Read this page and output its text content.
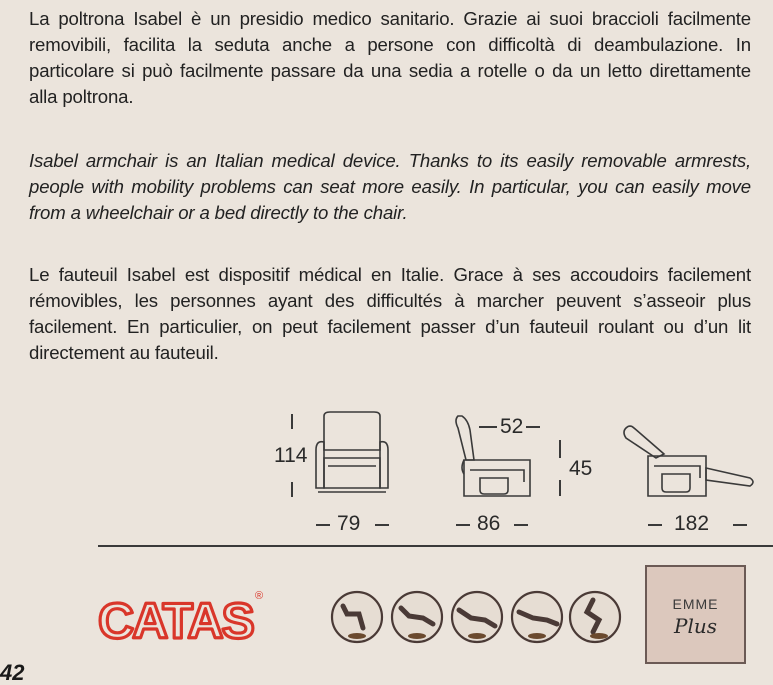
La poltrona Isabel è un presidio medico sanitario. Grazie ai suoi braccioli facilmente removibili, facilita la seduta anche a persone con difficoltà di deambulazione. In particolare si può facilmente passare da una sedia a rotelle o da un letto direttamente alla poltrona.

Isabel armchair is an Italian medical device. Thanks to its easily removable armrests, people with mobility problems can seat more easily. In particular, you can easily move from a wheelchair or a bed directly to the chair.

Le fauteuil Isabel est dispositif médical en Italie. Grace à ses accoudoirs facilement rémovibles, les personnes ayant des difficultés à marcher peuvent s’asseoir plus facilement. En particulier, on peut facilement passer d’un fauteuil roulant ou d’un lit directement au fauteuil.

114
52
45
79	86	182
CATAS ®	EMME
Plus
42
